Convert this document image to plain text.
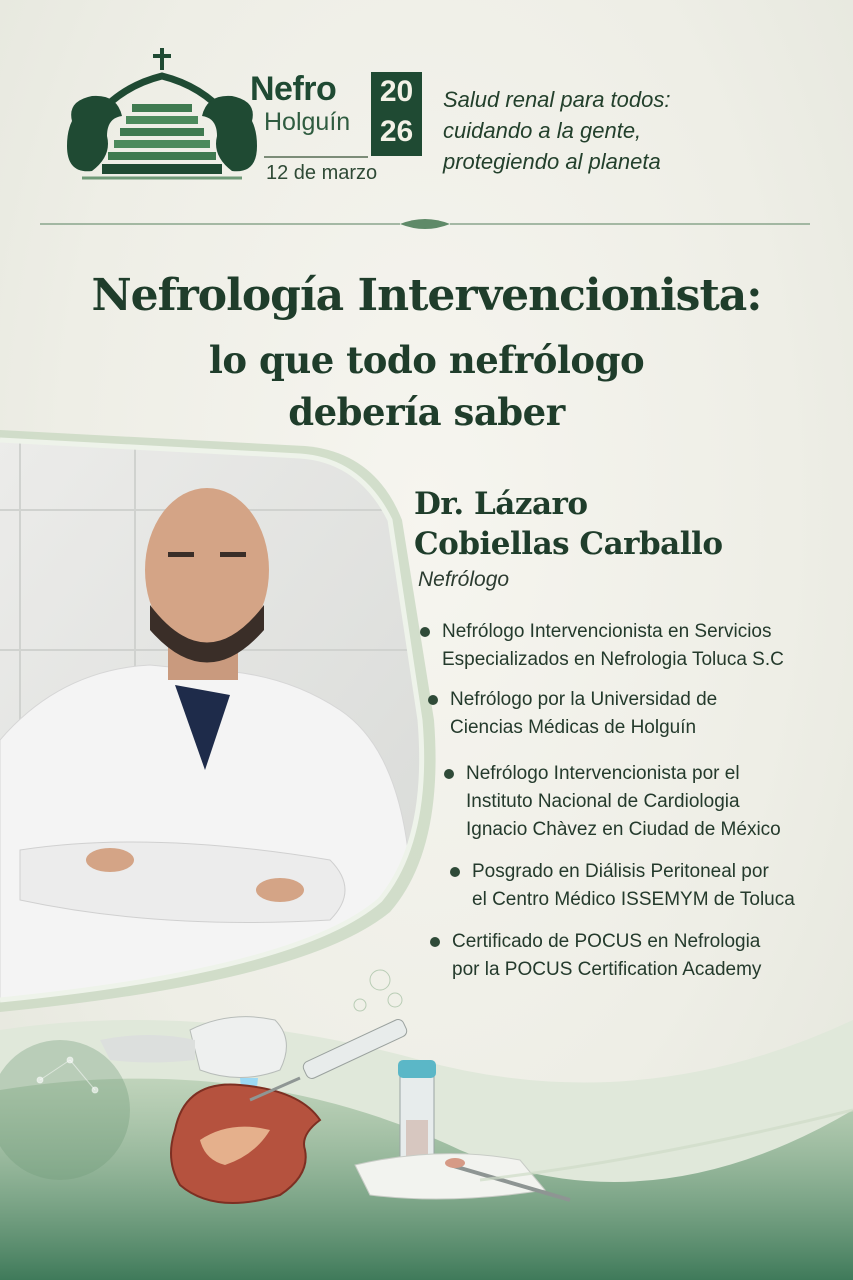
Nefro
Holguín
20
26
12 de marzo
Salud renal para todos:
cuidando a la gente,
protegiendo al planeta
Nefrología Intervencionista:
lo que todo nefrólogo
debería saber
Dr. Lázaro
Cobiellas Carballo
Nefrólogo
Nefrólogo Intervencionista en Servicios
Especializados en Nefrologia Toluca S.C
Nefrólogo por la Universidad de
Ciencias Médicas de Holguín
Nefrólogo Intervencionista por el
Instituto Nacional de Cardiologia
Ignacio Chàvez en Ciudad de México
Posgrado en Diálisis Peritoneal por
el Centro Médico ISSEMYM de Toluca
Certificado de POCUS en Nefrologia
por la POCUS Certification Academy
